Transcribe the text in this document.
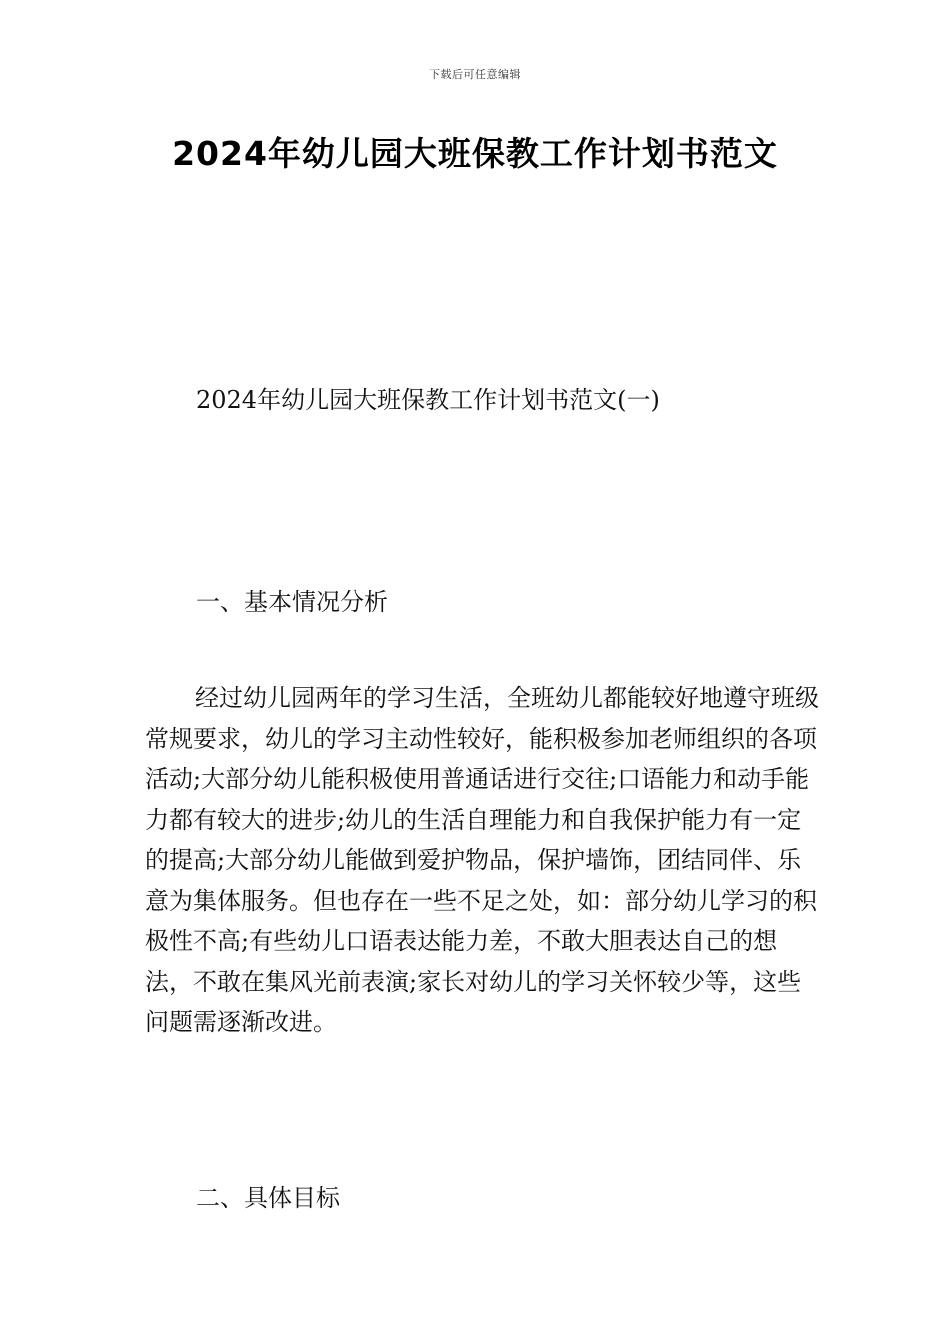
下载后可任意编辑
2024年幼儿园大班保教工作计划书范文

2024年幼儿园大班保教工作计划书范文(一)

一、基本情况分析

经过幼儿园两年的学习生活，全班幼儿都能较好地遵守班级常规要求，幼儿的学习主动性较好，能积极参加老师组织的各项活动;大部分幼儿能积极使用普通话进行交往;口语能力和动手能力都有较大的进步;幼儿的生活自理能力和自我保护能力有一定的提高;大部分幼儿能做到爱护物品，保护墙饰，团结同伴、乐意为集体服务。但也存在一些不足之处，如：部分幼儿学习的积极性不高;有些幼儿口语表达能力差，不敢大胆表达自己的想法，不敢在集风光前表演;家长对幼儿的学习关怀较少等，这些问题需逐渐改进。

二、具体目标
